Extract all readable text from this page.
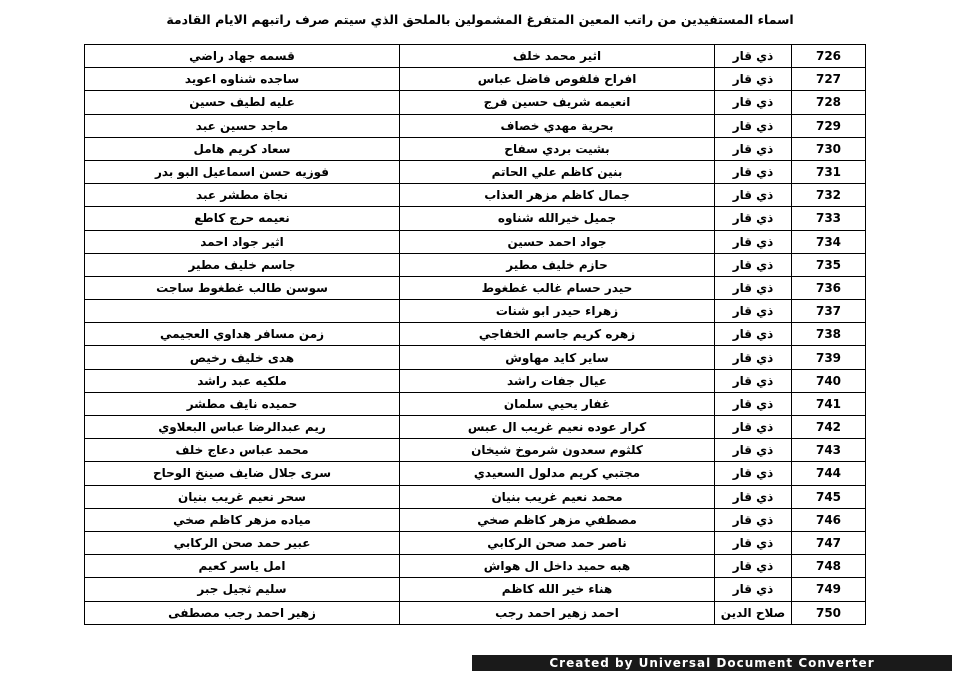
اسماء المستفيدين من راتب المعين المتفرغ المشمولين بالملحق الذي سيتم صرف راتبهم الايام القادمة
726	ذي قار	اثير محمد خلف	قسمه جهاد راضي
727	ذي قار	افراح فلفوص فاضل عباس	ساجده شناوه اعويد
728	ذي قار	انعيمه شريف حسين فرج	عليه لطيف حسين
729	ذي قار	بحرية مهدي خصاف	ماجد حسين عبد
730	ذي قار	بشيت بردي سفاح	سعاد كريم هامل
731	ذي قار	بنين كاظم علي الحاتم	فوزيه حسن اسماعيل البو بدر
732	ذي قار	جمال كاظم مزهر العذاب	نجاة مطشر عبد
733	ذي قار	جميل خيرالله شناوه	نعيمه حرج كاطع
734	ذي قار	جواد احمد حسين	اثير جواد احمد
735	ذي قار	حازم خليف مطير	جاسم خليف مطير
736	ذي قار	حيدر حسام غالب غطغوط	سوسن طالب غطغوط ساجت
737	ذي قار	زهراء حيدر ابو شنات	
738	ذي قار	زهره كريم جاسم الخفاجي	زمن مسافر هداوي العجيمي
739	ذي قار	ساير كايد مهاوش	هدى خليف رخيص
740	ذي قار	عيال جفات راشد	ملكيه عبد راشد
741	ذي قار	غفار يحيي سلمان	حميده نايف مطشر
742	ذي قار	كرار عوده نعيم غريب ال عبس	ريم عبدالرضا عباس البعلاوي
743	ذي قار	كلثوم سعدون شرموخ شيخان	محمد عباس دعاج خلف
744	ذي قار	مجتبي كريم مدلول السعيدي	سرى جلال ضايف صينخ الوحاح
745	ذي قار	محمد نعيم غريب بنيان	سحر نعيم غريب بنيان
746	ذي قار	مصطفي مزهر كاظم صخي	مياده مزهر كاظم صخي
747	ذي قار	ناصر حمد صحن الركابي	عبير حمد صحن الركابي
748	ذي قار	هبه حميد داخل ال هواش	امل ياسر كعيم
749	ذي قار	هناء خير الله كاظم	سليم ثجيل جبر
750	صلاح الدين	احمد زهير احمد رجب	زهير احمد رجب مصطفى
Created by Universal Document Converter
